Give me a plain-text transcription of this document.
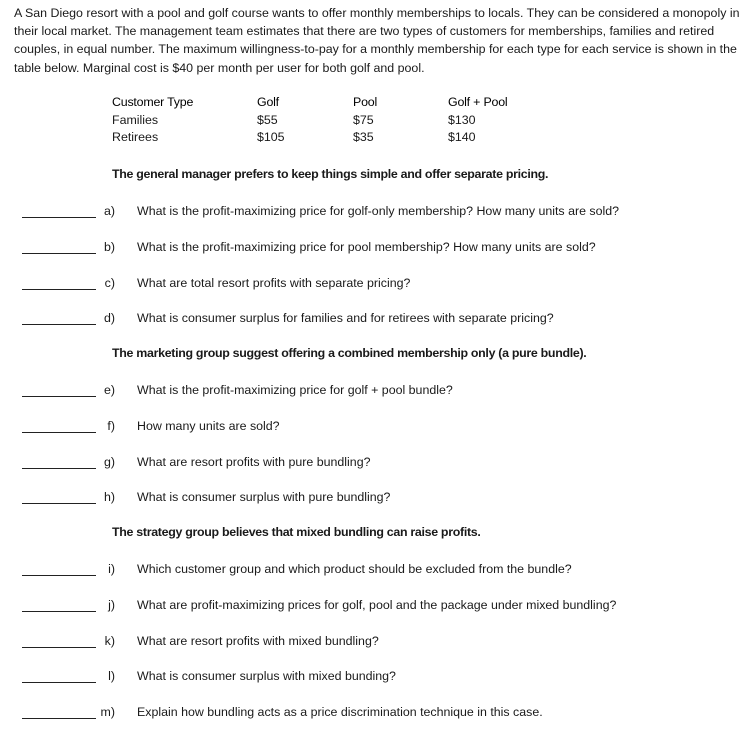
A San Diego resort with a pool and golf course wants to offer monthly memberships to locals. They can be considered a monopoly in their local market. The management team estimates that there are two types of customers for memberships, families and retired couples, in equal number. The maximum willingness-to-pay for a monthly membership for each type for each service is shown in the table below. Marginal cost is $40 per month per user for both golf and pool.

Customer Type	Golf	Pool	Golf + Pool
Families	$55	$75	$130
Retirees	$105	$35	$140

The general manager prefers to keep things simple and offer separate pricing.

a) What is the profit-maximizing price for golf-only membership? How many units are sold?
b) What is the profit-maximizing price for pool membership? How many units are sold?
c) What are total resort profits with separate pricing?
d) What is consumer surplus for families and for retirees with separate pricing?

The marketing group suggest offering a combined membership only (a pure bundle).

e) What is the profit-maximizing price for golf + pool bundle?
f) How many units are sold?
g) What are resort profits with pure bundling?
h) What is consumer surplus with pure bundling?

The strategy group believes that mixed bundling can raise profits.

i) Which customer group and which product should be excluded from the bundle?
j) What are profit-maximizing prices for golf, pool and the package under mixed bundling?
k) What are resort profits with mixed bundling?
l) What is consumer surplus with mixed bunding?
m) Explain how bundling acts as a price discrimination technique in this case.
